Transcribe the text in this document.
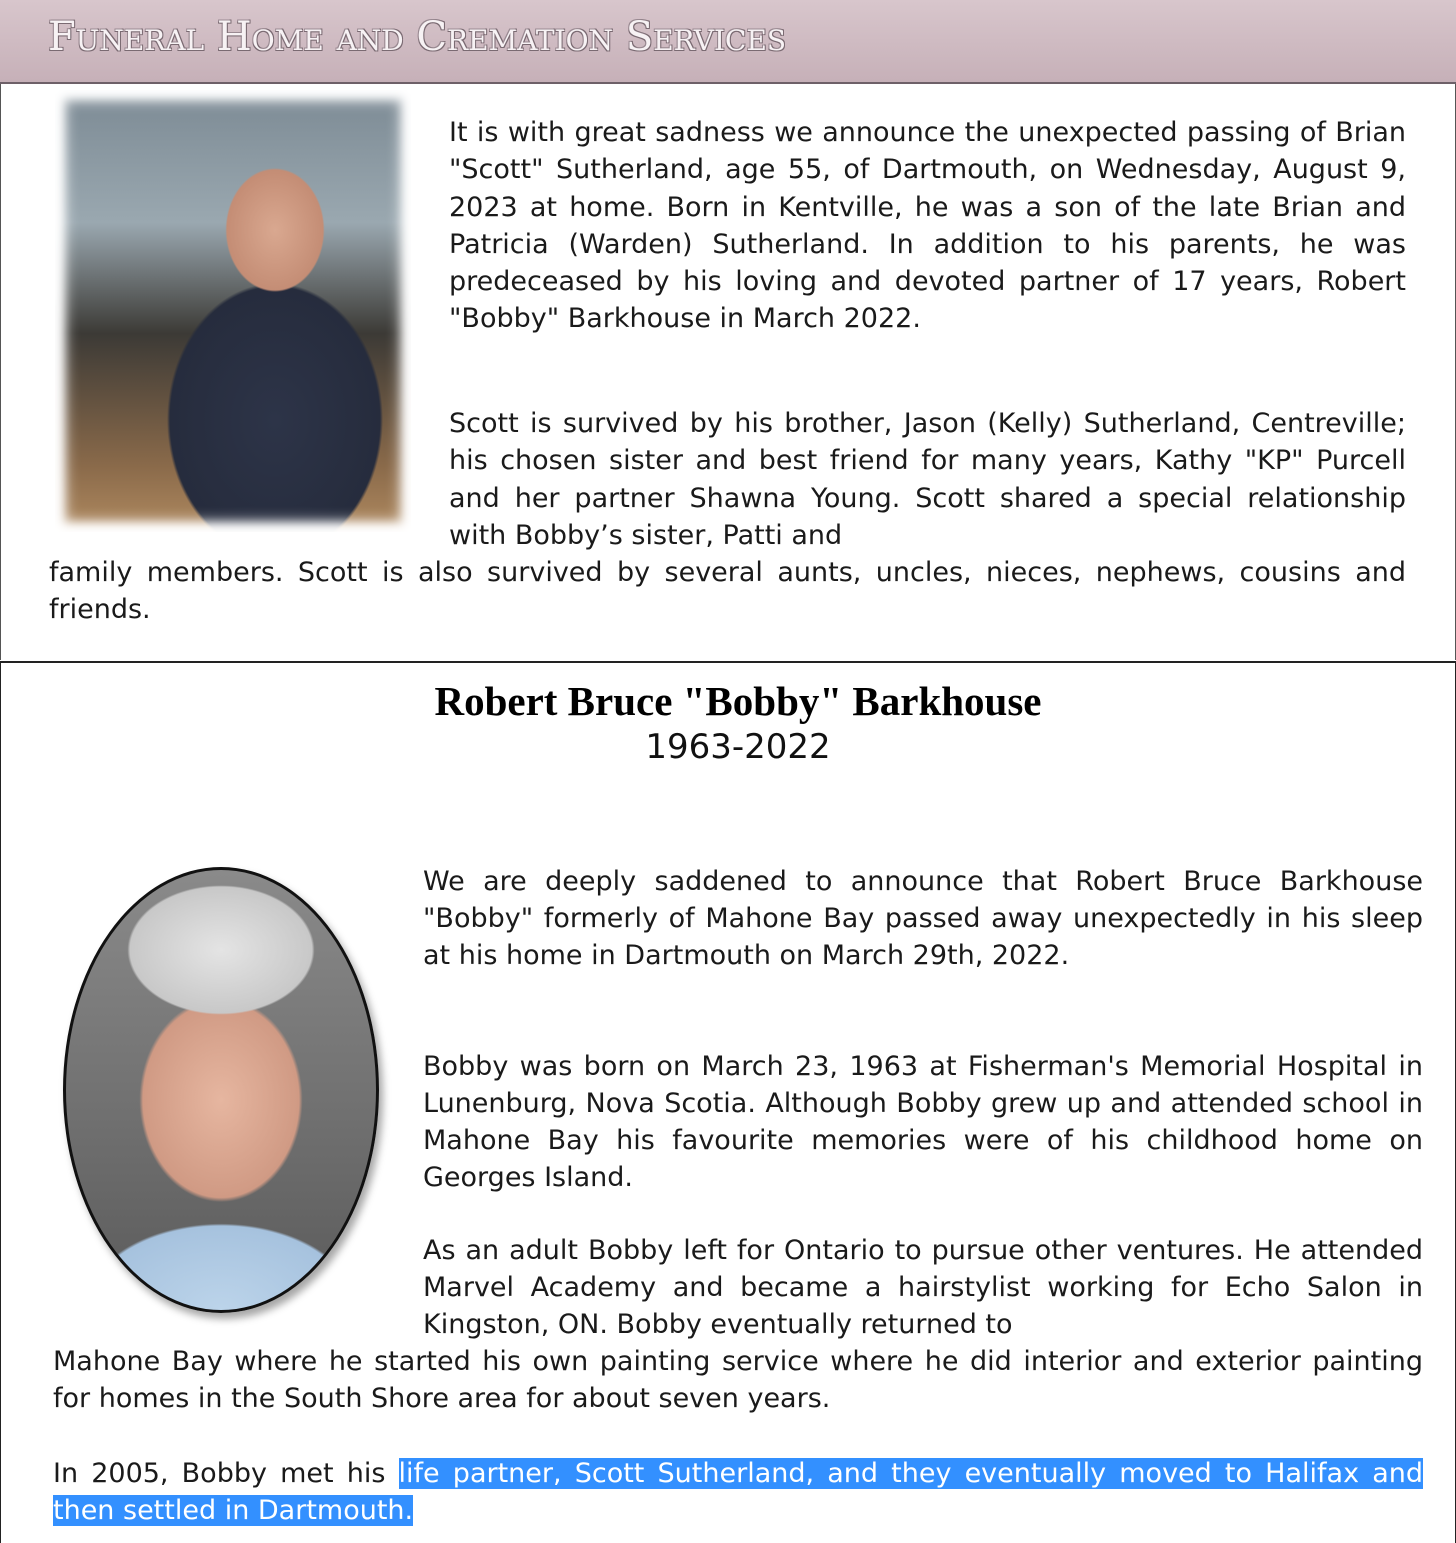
Funeral Home and Cremation Services

It is with great sadness we announce the unexpected passing of Brian "Scott" Sutherland, age 55, of Dartmouth, on Wednesday, August 9, 2023 at home. Born in Kentville, he was a son of the late Brian and Patricia (Warden) Sutherland. In addition to his parents, he was predeceased by his loving and devoted partner of 17 years, Robert "Bobby" Barkhouse in March 2022.

Scott is survived by his brother, Jason (Kelly) Sutherland, Centreville; his chosen sister and best friend for many years, Kathy "KP" Purcell and her partner Shawna Young. Scott shared a special relationship with Bobby’s sister, Patti and

family members. Scott is also survived by several aunts, uncles, nieces, nephews, cousins and friends.

Robert Bruce "Bobby" Barkhouse
1963-2022

We are deeply saddened to announce that Robert Bruce Barkhouse "Bobby" formerly of Mahone Bay passed away unexpectedly in his sleep at his home in Dartmouth on March 29th, 2022.

Bobby was born on March 23, 1963 at Fisherman's Memorial Hospital in Lunenburg, Nova Scotia. Although Bobby grew up and attended school in Mahone Bay his favourite memories were of his childhood home on Georges Island.

As an adult Bobby left for Ontario to pursue other ventures. He attended Marvel Academy and became a hairstylist working for Echo Salon in Kingston, ON. Bobby eventually returned to

Mahone Bay where he started his own painting service where he did interior and exterior painting for homes in the South Shore area for about seven years.

In 2005, Bobby met his life partner, Scott Sutherland, and they eventually moved to Halifax and then settled in Dartmouth.
